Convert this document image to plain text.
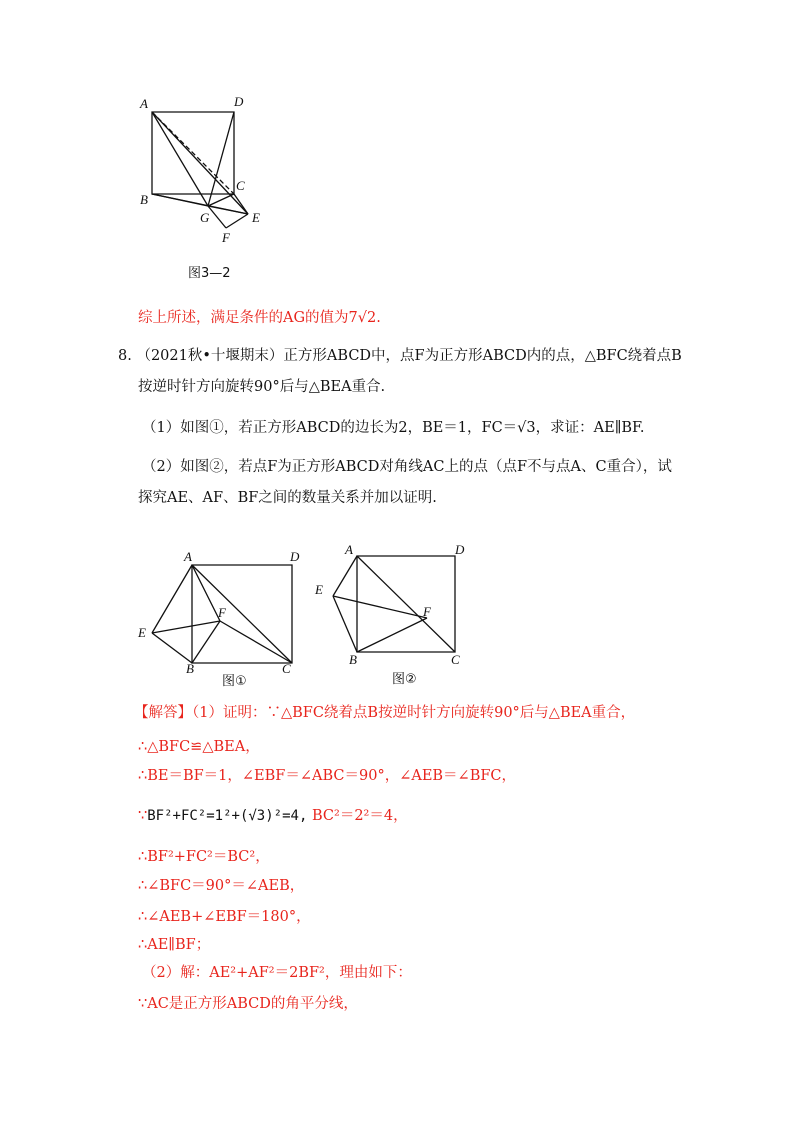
A	D
B
C
G	E
F
图3—2
综上所述，满足条件的AG的值为7√2.
8. （2021秋•十堰期末）正方形ABCD中，点F为正方形ABCD内的点，△BFC绕着点B
按逆时针方向旋转90°后与△BEA重合.
（1）如图①，若正方形ABCD的边长为2，BE＝1，FC＝√3，求证：AE∥BF.
（2）如图②，若点F为正方形ABCD对角线AC上的点（点F不与点A、C重合），试
探究AE、AF、BF之间的数量关系并加以证明.
A	D
E
F
B	C
图①
A	D
E
F
B	C
图②
【解答】（1）证明：∵△BFC绕着点B按逆时针方向旋转90°后与△BEA重合，
∴△BFC≌△BEA，
∴BE＝BF＝1，∠EBF＝∠ABC＝90°，∠AEB＝∠BFC，
∵BF²+FC²=1²+(√3)²=4, BC²＝2²＝4，
∴BF²+FC²＝BC²，
∴∠BFC＝90°＝∠AEB，
∴∠AEB+∠EBF＝180°，
∴AE∥BF；
（2）解：AE²+AF²＝2BF²，理由如下：
∵AC是正方形ABCD的角平分线，
